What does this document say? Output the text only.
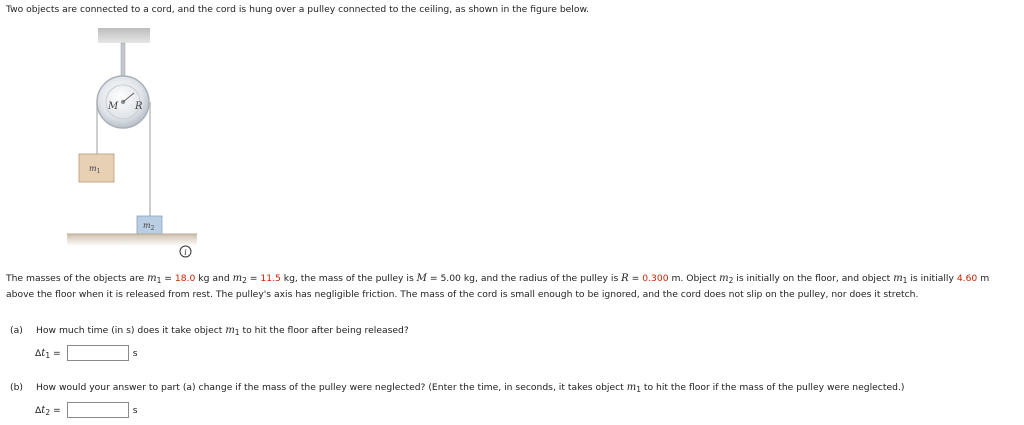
Two objects are connected to a cord, and the cord is hung over a pulley connected to the ceiling, as shown in the figure below.
M R
$m_1$
$m_2$
i
The masses of the objects are $m_1 = 18.0$ kg and $m_2 = 11.5$ kg, the mass of the pulley is M = 5.00 kg, and the radius of the pulley is R = 0.300 m. Object $m_2$ is initially on the floor, and object $m_1$ is initially 4.60 m above the floor when it is released from rest. The pulley's axis has negligible friction. The mass of the cord is small enough to be ignored, and the cord does not slip on the pulley, nor does it stretch.
(a) How much time (in s) does it take object $m_1$ to hit the floor after being released?
$\Delta t_1$ =	s
(b) How would your answer to part (a) change if the mass of the pulley were neglected? (Enter the time, in seconds, it takes object $m_1$ to hit the floor if the mass of the pulley were neglected.)
$\Delta t_2$ =	s
